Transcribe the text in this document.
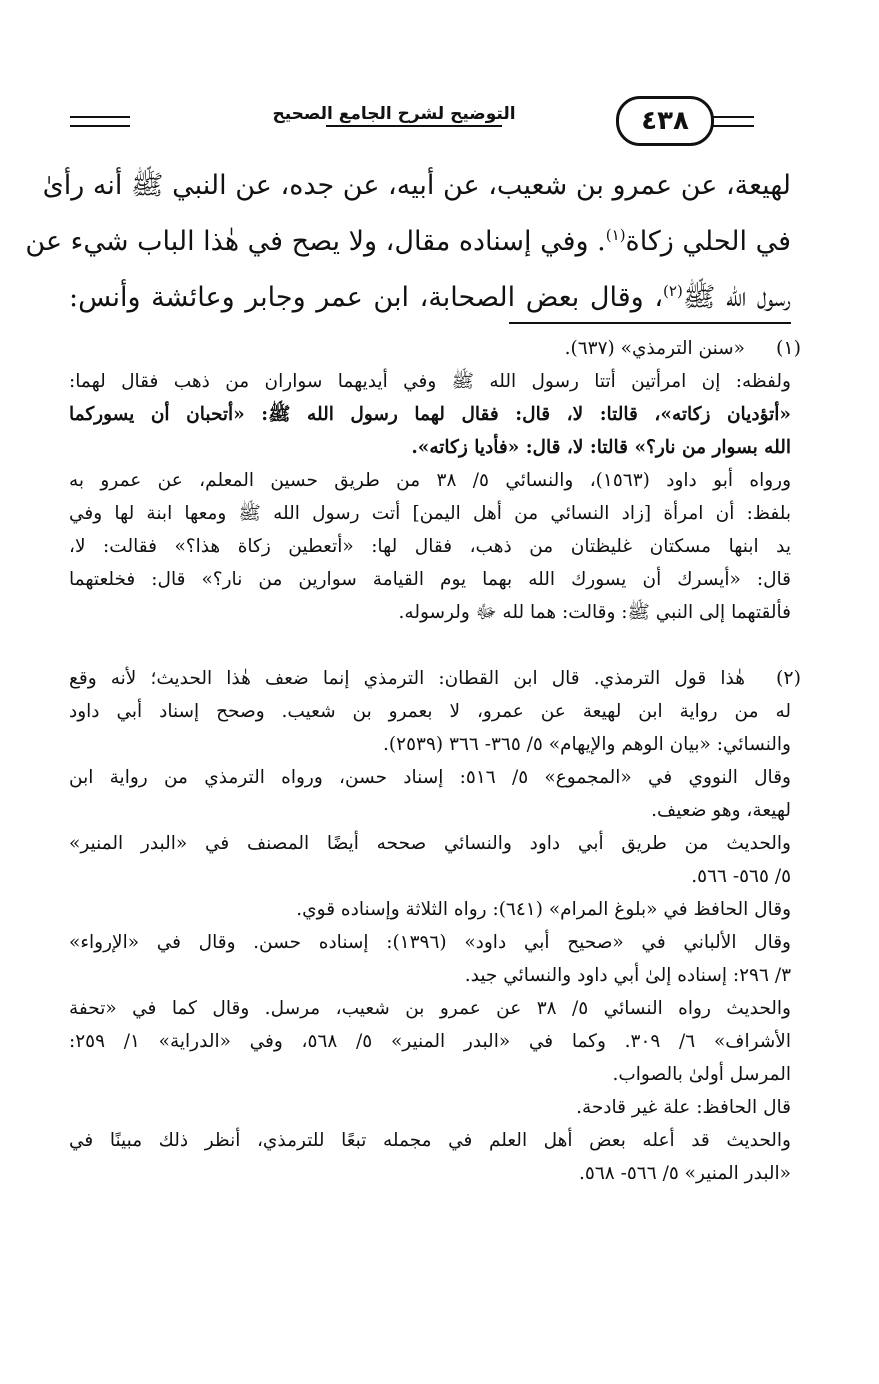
٤٣٨
التوضيح لشرح الجامع الصحيح
لهيعة، عن عمرو بن شعيب، عن أبيه، عن جده، عن النبي ﷺ أنه رأىٰ
في الحلي زكاة$^{(١)}$. وفي إسناده مقال، ولا يصح في هٰذا الباب شيء عن
رسول الله ﷺ$^{(٢)}$، وقال بعض الصحابة، ابن عمر وجابر وعائشة وأنس:
(١)
«سنن الترمذي» (٦٣٧).
ولفظه: إن امرأتين أتتا رسول الله ﷺ وفي أيديهما سواران من ذهب فقال لهما:
«أتؤديان زكاته»، قالتا: لا، قال: فقال لهما رسول الله ﷺ: «أتحبان أن يسوركما
الله بسوار من نار؟» قالتا: لا، قال: «فأديا زكاته».
ورواه أبو داود (١٥٦٣)، والنسائي ٥/ ٣٨ من طريق حسين المعلم، عن عمرو به
بلفظ: أن امرأة [زاد النسائي من أهل اليمن] أتت رسول الله ﷺ ومعها ابنة لها وفي
يد ابنها مسكتان غليظتان من ذهب، فقال لها: «أتعطين زكاة هذا؟» فقالت: لا،
قال: «أيسرك أن يسورك الله بهما يوم القيامة سوارين من نار؟» قال: فخلعتهما
فألقتهما إلى النبي ﷺ: وقالت: هما لله ﷻ ولرسوله.
(٢)
هٰذا قول الترمذي. قال ابن القطان: الترمذي إنما ضعف هٰذا الحديث؛ لأنه وقع
له من رواية ابن لهيعة عن عمرو، لا بعمرو بن شعيب. وصحح إسناد أبي داود
والنسائي: «بيان الوهم والإيهام» ٥/ ٣٦٥- ٣٦٦ (٢٥٣٩).
وقال النووي في «المجموع» ٥/ ٥١٦: إسناد حسن، ورواه الترمذي من رواية ابن
لهيعة، وهو ضعيف.
والحديث من طريق أبي داود والنسائي صححه أيضًا المصنف في «البدر المنير»
٥/ ٥٦٥- ٥٦٦.
وقال الحافظ في «بلوغ المرام» (٦٤١): رواه الثلاثة وإسناده قوي.
وقال الألباني في «صحيح أبي داود» (١٣٩٦): إسناده حسن. وقال في «الإرواء»
٣/ ٢٩٦: إسناده إلىٰ أبي داود والنسائي جيد.
والحديث رواه النسائي ٥/ ٣٨ عن عمرو بن شعيب، مرسل. وقال كما في «تحفة
الأشراف» ٦/ ٣٠٩. وكما في «البدر المنير» ٥/ ٥٦٨، وفي «الدراية» ١/ ٢٥٩:
المرسل أولىٰ بالصواب.
قال الحافظ: علة غير قادحة.
والحديث قد أعله بعض أهل العلم في مجمله تبعًا للترمذي، أنظر ذلك مبينًا في
«البدر المنير» ٥/ ٥٦٦- ٥٦٨.
